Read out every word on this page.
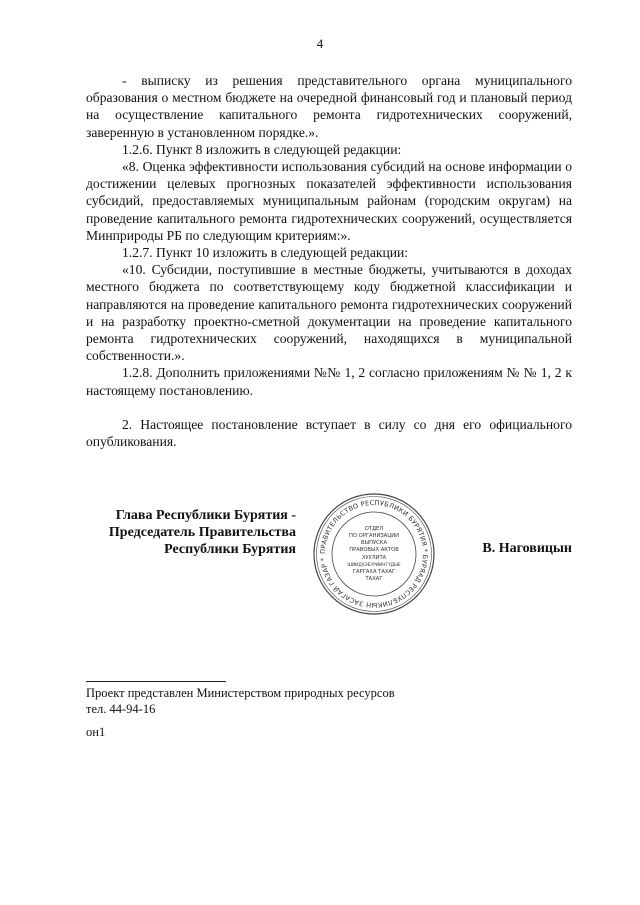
4

- выписку из решения представительного органа муниципального образования о местном бюджете на очередной финансовый год и плановый период на осуществление капитального ремонта гидротехнических сооружений, заверенную в установленном порядке.».

1.2.6. Пункт 8 изложить в следующей редакции:

«8. Оценка эффективности использования субсидий на основе информации о достижении целевых прогнозных показателей эффективности использования субсидий, предоставляемых муниципальным районам (городским округам) на проведение капитального ремонта гидротехнических сооружений, осуществляется Минприроды РБ по следующим критериям:».

1.2.7. Пункт 10 изложить в следующей редакции:

«10. Субсидии, поступившие в местные бюджеты, учитываются в доходах местного бюджета по соответствующему коду бюджетной классификации и направляются на проведение капитального ремонта гидротехнических сооружений и на разработку проектно-сметной документации на проведение капитального ремонта гидротехнических сооружений, находящихся в муниципальной собственности.».

1.2.8. Дополнить приложениями №№ 1, 2 согласно приложениям № № 1, 2 к настоящему постановлению.

2. Настоящее постановление вступает в силу со дня его официального опубликования.

Глава Республики Бурятия -
Председатель Правительства
Республики Бурятия	ПРАВИТЕЛЬСТВО РЕСПУБЛИКИ БУРЯТИЯ * БУРЯАД РЕСПУБЛИКЫН ЗАСАГАЙ ГАЗАР *
ОТДЕЛ
ПО ОРГАНИЗАЦИИ
ВЫПУСКА
ПРАВОВЫХ АКТОВ
ХУУЛИТА
ШИИДХЭБҮРИИНГҮДЫЕ
ГАРГАХА ТАХАГ
ТАХАГ
В. Наговицын
Проект представлен Министерством природных ресурсов
тел. 44-94-16
он1
